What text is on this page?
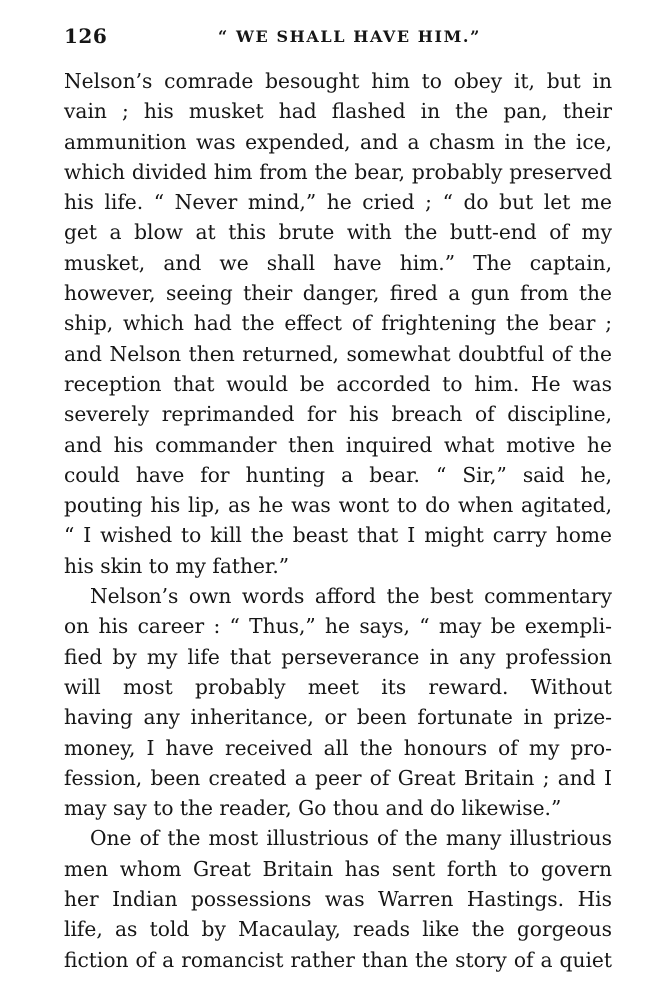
126	“ WE SHALL HAVE HIM.”
Nelson’s comrade besought him to obey it, but in
vain ; his musket had flashed in the pan, their
ammunition was expended, and a chasm in the ice,
which divided him from the bear, probably preserved
his life. “ Never mind,” he cried ; “ do but let me
get a blow at this brute with the butt-end of my
musket, and we shall have him.” The captain,
however, seeing their danger, fired a gun from the
ship, which had the effect of frightening the bear ;
and Nelson then returned, somewhat doubtful of the
reception that would be accorded to him. He was
severely reprimanded for his breach of discipline,
and his commander then inquired what motive he
could have for hunting a bear. “ Sir,” said he,
pouting his lip, as he was wont to do when agitated,
“ I wished to kill the beast that I might carry home
his skin to my father.”
Nelson’s own words afford the best commentary
on his career : “ Thus,” he says, “ may be exempli-
fied by my life that perseverance in any profession
will most probably meet its reward. Without
having any inheritance, or been fortunate in prize-
money, I have received all the honours of my pro-
fession, been created a peer of Great Britain ; and I
may say to the reader, Go thou and do likewise.”
One of the most illustrious of the many illustrious
men whom Great Britain has sent forth to govern
her Indian possessions was Warren Hastings. His
life, as told by Macaulay, reads like the gorgeous
fiction of a romancist rather than the story of a quiet
